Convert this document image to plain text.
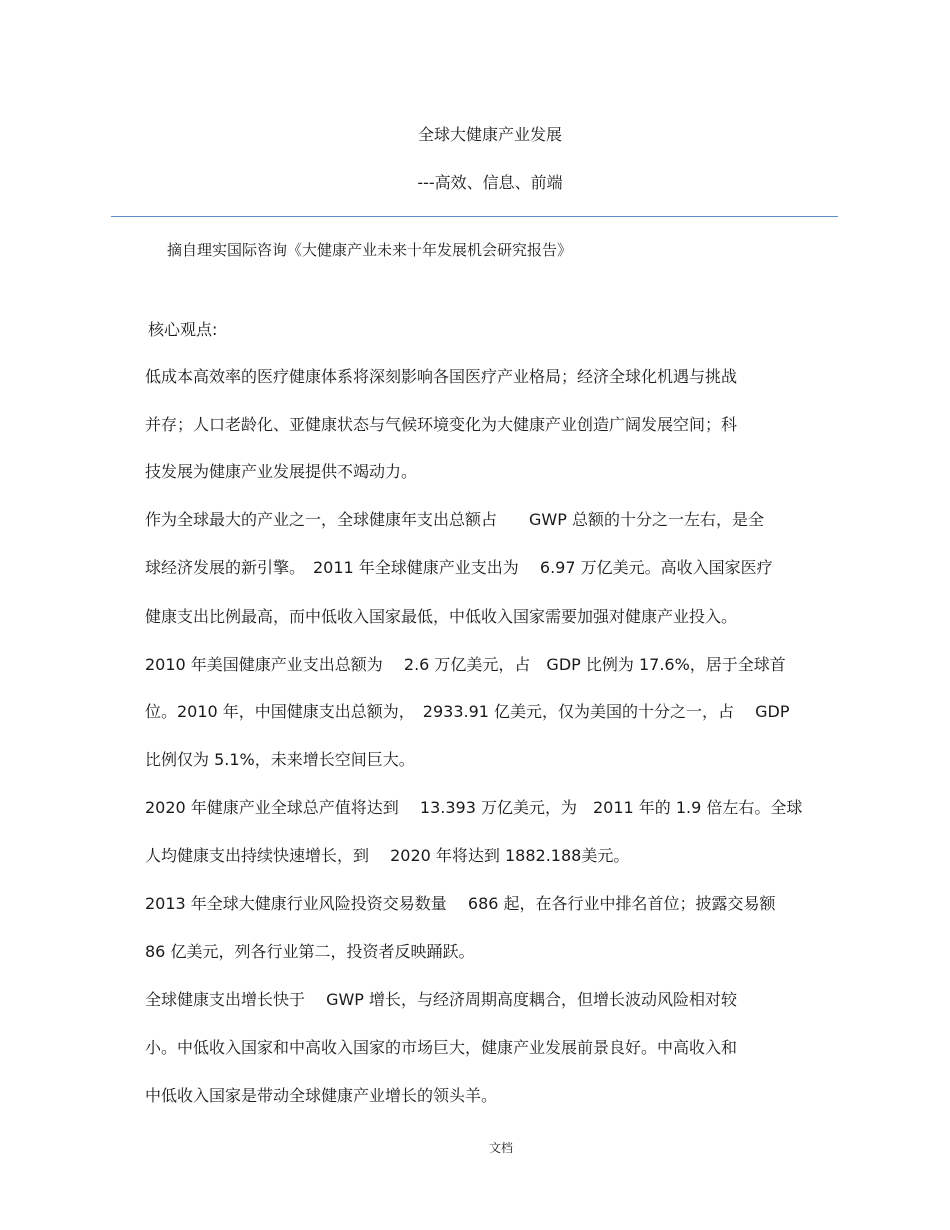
全球大健康产业发展
---高效、信息、前端
摘自理实国际咨询《大健康产业未来十年发展机会研究报告》
核心观点:
低成本高效率的医疗健康体系将深刻影响各国医疗产业格局；经济全球化机遇与挑战
并存；人口老龄化、亚健康状态与气候环境变化为大健康产业创造广阔发展空间；科
技发展为健康产业发展提供不竭动力。
作为全球最大的产业之一，全球健康年支出总额占　　GWP 总额的十分之一左右，是全
球经济发展的新引擎。　2011 年全球健康产业支出为　 6.97 万亿美元。高收入国家医疗
健康支出比例最高，而中低收入国家最低，中低收入国家需要加强对健康产业投入。
2010 年美国健康产业支出总额为　 2.6 万亿美元，占　GDP 比例为 17.6%，居于全球首
位。2010 年，中国健康支出总额为，　2933.91 亿美元，仅为美国的十分之一，占　 GDP
比例仅为 5.1%，未来增长空间巨大。
2020 年健康产业全球总产值将达到　 13.393 万亿美元，为　2011 年的 1.9 倍左右。全球
人均健康支出持续快速增长，到　 2020 年将达到 1882.188美元。
2013 年全球大健康行业风险投资交易数量　 686 起，在各行业中排名首位；披露交易额
86 亿美元，列各行业第二，投资者反映踊跃。
全球健康支出增长快于　 GWP 增长，与经济周期高度耦合，但增长波动风险相对较
小。中低收入国家和中高收入国家的市场巨大，健康产业发展前景良好。中高收入和
中低收入国家是带动全球健康产业增长的领头羊。
文档
